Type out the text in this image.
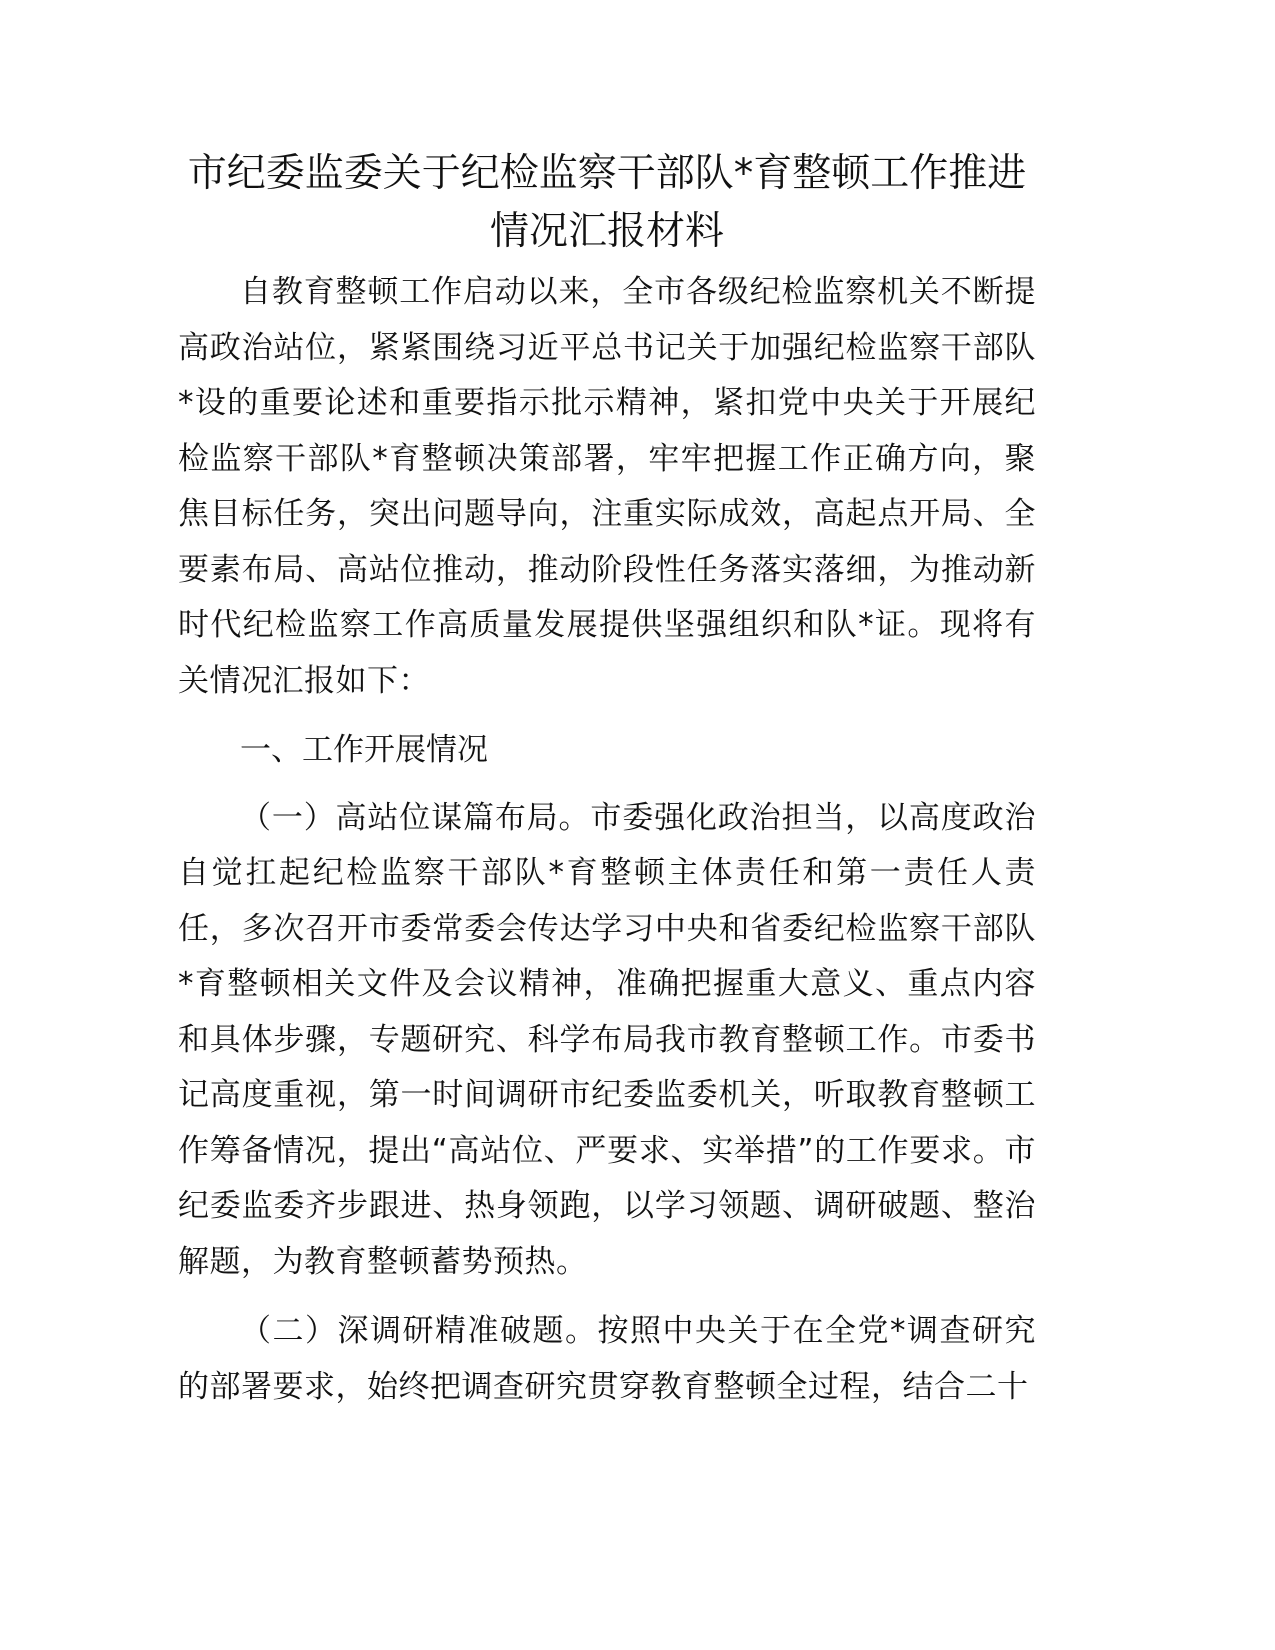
市纪委监委关于纪检监察干部队*育整顿工作推进情况汇报材料

自教育整顿工作启动以来，全市各级纪检监察机关不断提高政治站位，紧紧围绕习近平总书记关于加强纪检监察干部队*设的重要论述和重要指示批示精神，紧扣党中央关于开展纪检监察干部队*育整顿决策部署，牢牢把握工作正确方向，聚焦目标任务，突出问题导向，注重实际成效，高起点开局、全要素布局、高站位推动，推动阶段性任务落实落细，为推动新时代纪检监察工作高质量发展提供坚强组织和队*证。现将有关情况汇报如下：

一、工作开展情况

（一）高站位谋篇布局。市委强化政治担当，以高度政治自觉扛起纪检监察干部队*育整顿主体责任和第一责任人责任，多次召开市委常委会传达学习中央和省委纪检监察干部队*育整顿相关文件及会议精神，准确把握重大意义、重点内容和具体步骤，专题研究、科学布局我市教育整顿工作。市委书记高度重视，第一时间调研市纪委监委机关，听取教育整顿工作筹备情况，提出“高站位、严要求、实举措”的工作要求。市纪委监委齐步跟进、热身领跑，以学习领题、调研破题、整治解题，为教育整顿蓄势预热。

（二）深调研精准破题。按照中央关于在全党*调查研究的部署要求，始终把调查研究贯穿教育整顿全过程，结合二十
